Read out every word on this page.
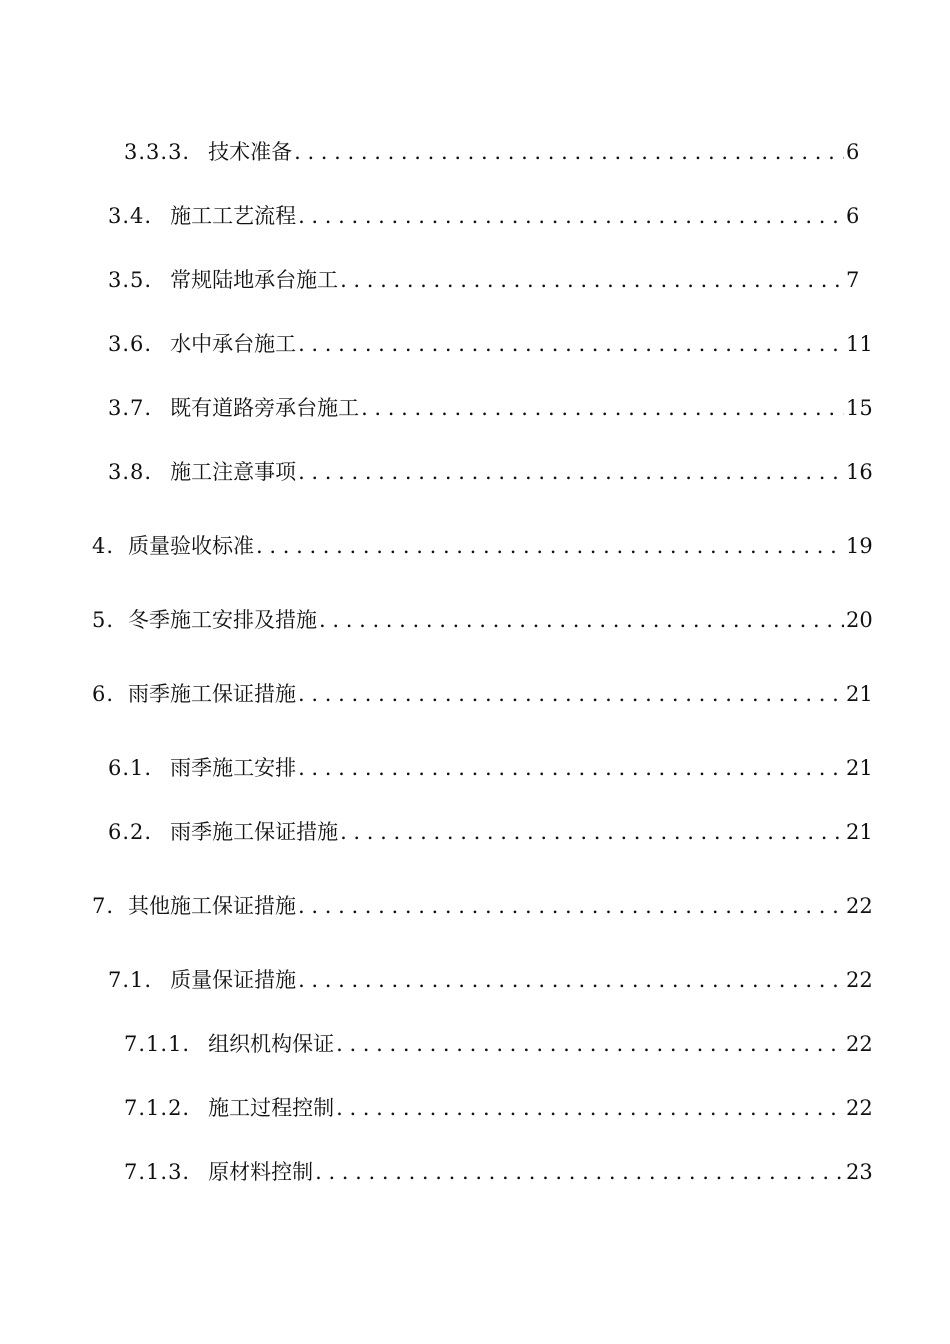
3.3.3. 技术准备 . . .	6
3.4. 施工工艺流程 . . .	6
3.5. 常规陆地承台施工 . . .	7
3.6. 水中承台施工 . . .	11
3.7. 既有道路旁承台施工 . . .	15
3.8. 施工注意事项 . . .	16
4. 质量验收标准 . . .	19
5. 冬季施工安排及措施 . . .	20
6. 雨季施工保证措施 . . .	21
6.1. 雨季施工安排 . . .	21
6.2. 雨季施工保证措施 . . .	21
7. 其他施工保证措施 . . .	22
7.1. 质量保证措施 . . .	22
7.1.1. 组织机构保证 . . .	22
7.1.2. 施工过程控制 . . .	22
7.1.3. 原材料控制 . . .	23
